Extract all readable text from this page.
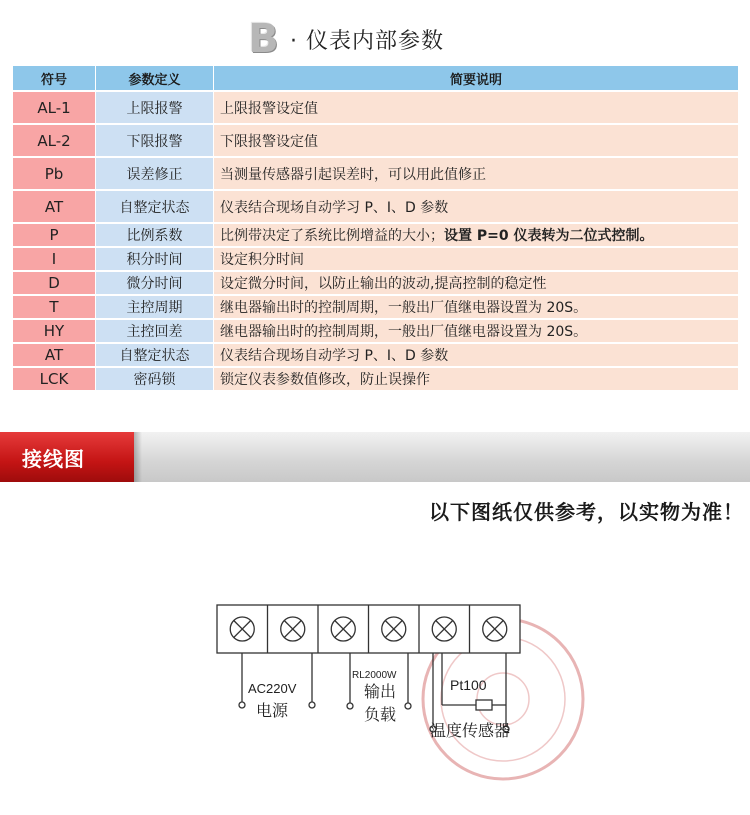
B · 仪表内部参数
符号	参数定义	简要说明
AL-1	上限报警	上限报警设定值
AL-2	下限报警	下限报警设定值
Pb	误差修正	当测量传感器引起误差时，可以用此值修正
AT	自整定状态	仪表结合现场自动学习 P、I、D 参数
P	比例系数	比例带决定了系统比例增益的大小；设置 P=0 仪表转为二位式控制。
I	积分时间	设定积分时间
D	微分时间	设定微分时间，以防止输出的波动,提高控制的稳定性
T	主控周期	继电器输出时的控制周期，一般出厂值继电器设置为 20S。
HY	主控回差	继电器输出时的控制周期，一般出厂值继电器设置为 20S。
AT	自整定状态	仪表结合现场自动学习 P、I、D 参数
LCK	密码锁	锁定仪表参数值修改，防止误操作
接线图
以下图纸仅供参考，以实物为准！
AC220V
电源
RL2000W
输出
负载
Pt100
温度传感器
